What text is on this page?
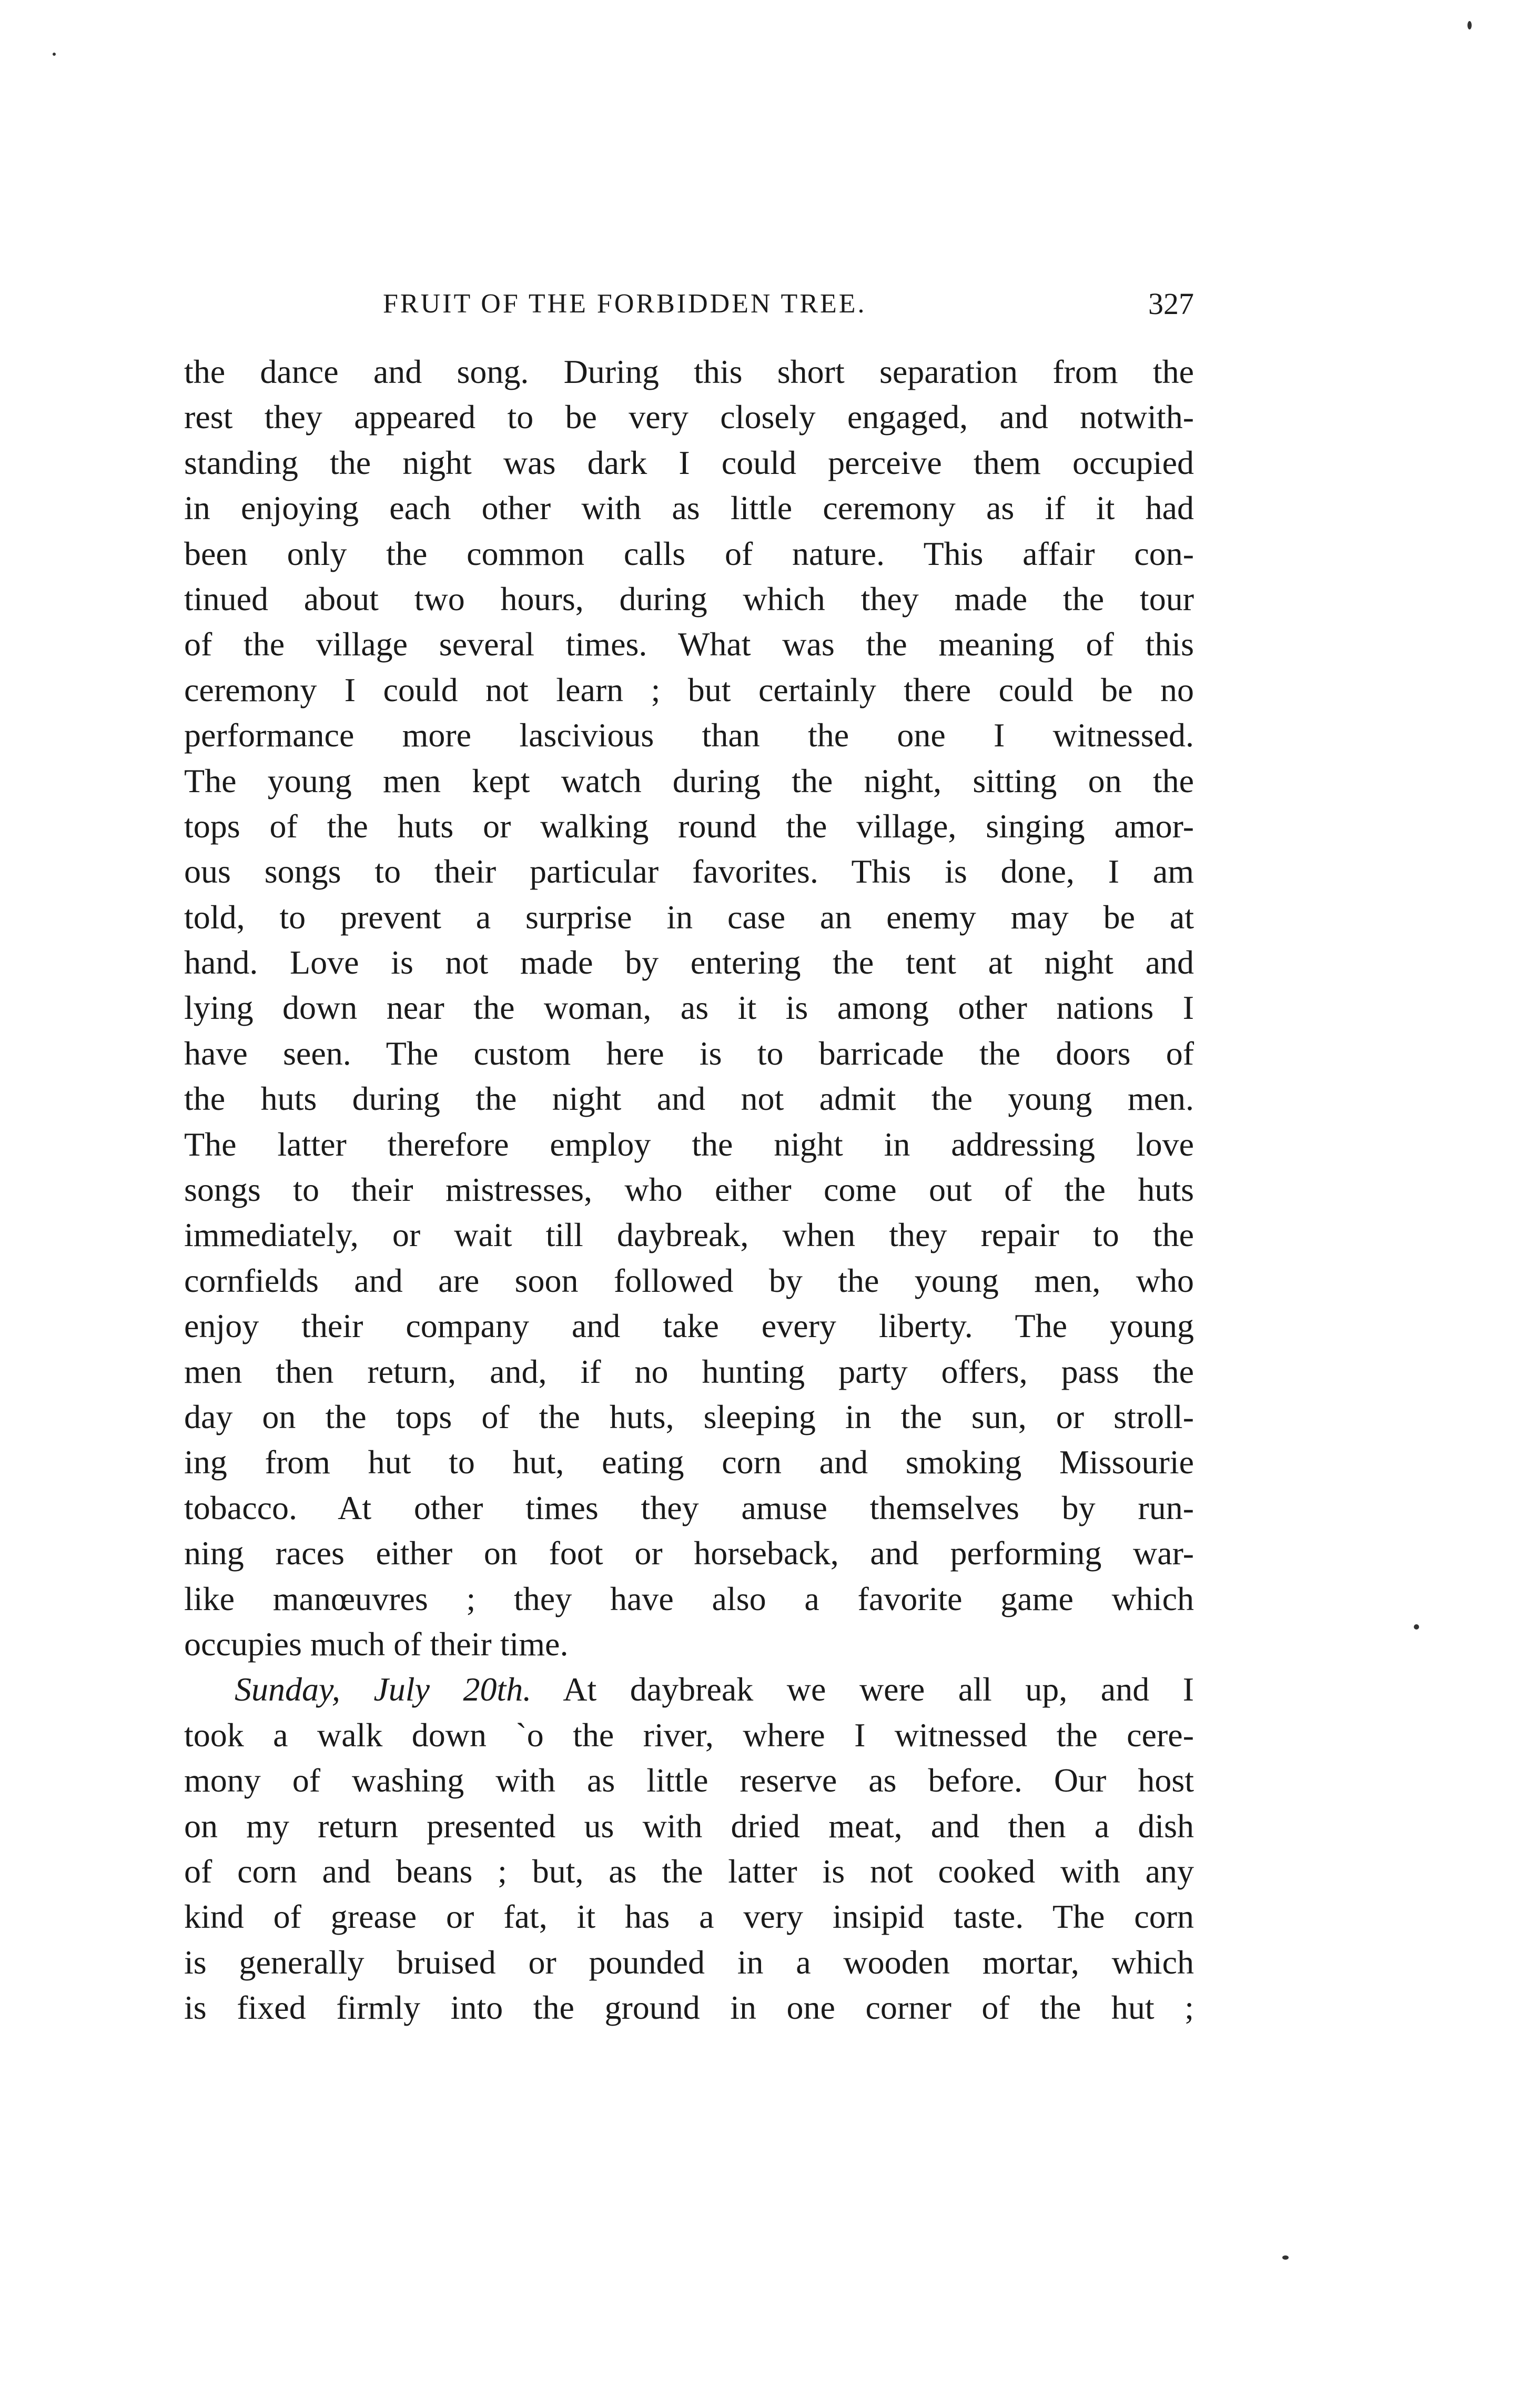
FRUIT OF THE FORBIDDEN TREE.	327
the dance and song. During this short separation from the
rest they appeared to be very closely engaged, and notwith-
standing the night was dark I could perceive them occupied
in enjoying each other with as little ceremony as if it had
been only the common calls of nature. This affair con-
tinued about two hours, during which they made the tour
of the village several times. What was the meaning of this
ceremony I could not learn ; but certainly there could be no
performance more lascivious than the one I witnessed.
The young men kept watch during the night, sitting on the
tops of the huts or walking round the village, singing amor-
ous songs to their particular favorites. This is done, I am
told, to prevent a surprise in case an enemy may be at
hand. Love is not made by entering the tent at night and
lying down near the woman, as it is among other nations I
have seen. The custom here is to barricade the doors of
the huts during the night and not admit the young men.
The latter therefore employ the night in addressing love
songs to their mistresses, who either come out of the huts
immediately, or wait till daybreak, when they repair to the
cornfields and are soon followed by the young men, who
enjoy their company and take every liberty. The young
men then return, and, if no hunting party offers, pass the
day on the tops of the huts, sleeping in the sun, or stroll-
ing from hut to hut, eating corn and smoking Missourie
tobacco. At other times they amuse themselves by run-
ning races either on foot or horseback, and performing war-
like manœuvres ; they have also a favorite game which
occupies much of their time.
Sunday, July 20th. At daybreak we were all up, and I
took a walk down `o the river, where I witnessed the cere-
mony of washing with as little reserve as before. Our host
on my return presented us with dried meat, and then a dish
of corn and beans ; but, as the latter is not cooked with any
kind of grease or fat, it has a very insipid taste. The corn
is generally bruised or pounded in a wooden mortar, which
is fixed firmly into the ground in one corner of the hut ;
